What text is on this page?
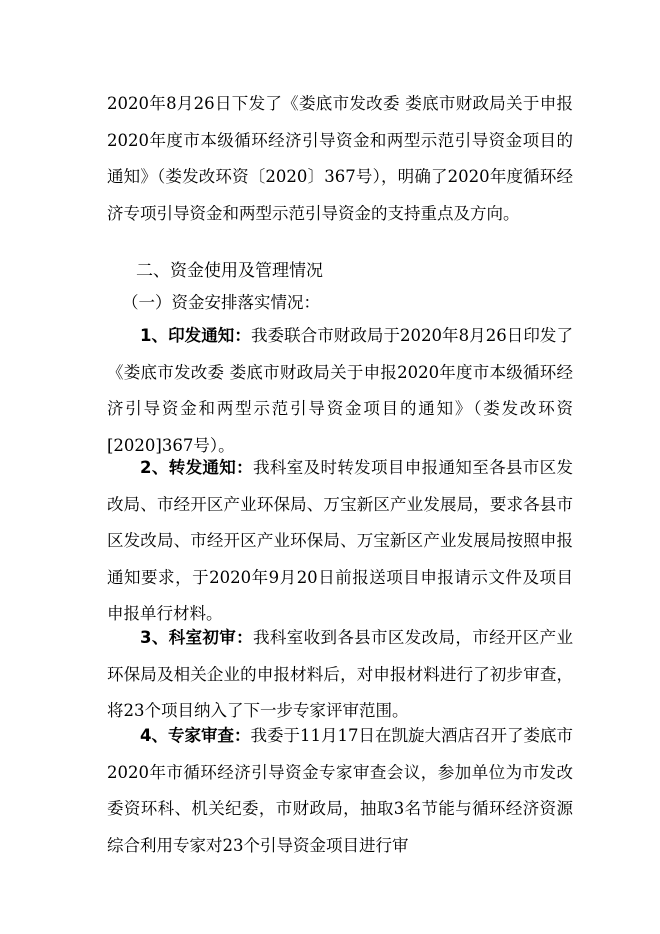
2020年8月26日下发了《娄底市发改委 娄底市财政局关于申报2020年度市本级循环经济引导资金和两型示范引导资金项目的通知》（娄发改环资〔2020〕367号），明确了2020年度循环经济专项引导资金和两型示范引导资金的支持重点及方向。

二、资金使用及管理情况

（一）资金安排落实情况：

1、印发通知：我委联合市财政局于2020年8月26日印发了《娄底市发改委 娄底市财政局关于申报2020年度市本级循环经济引导资金和两型示范引导资金项目的通知》（娄发改环资[2020]367号）。

2、转发通知：我科室及时转发项目申报通知至各县市区发改局、市经开区产业环保局、万宝新区产业发展局，要求各县市区发改局、市经开区产业环保局、万宝新区产业发展局按照申报通知要求，于2020年9月20日前报送项目申报请示文件及项目申报单行材料。

3、科室初审：我科室收到各县市区发改局，市经开区产业环保局及相关企业的申报材料后，对申报材料进行了初步审查，将23个项目纳入了下一步专家评审范围。

4、专家审查：我委于11月17日在凯旋大酒店召开了娄底市2020年市循环经济引导资金专家审查会议，参加单位为市发改委资环科、机关纪委，市财政局，抽取3名节能与循环经济资源综合利用专家对23个引导资金项目进行审
